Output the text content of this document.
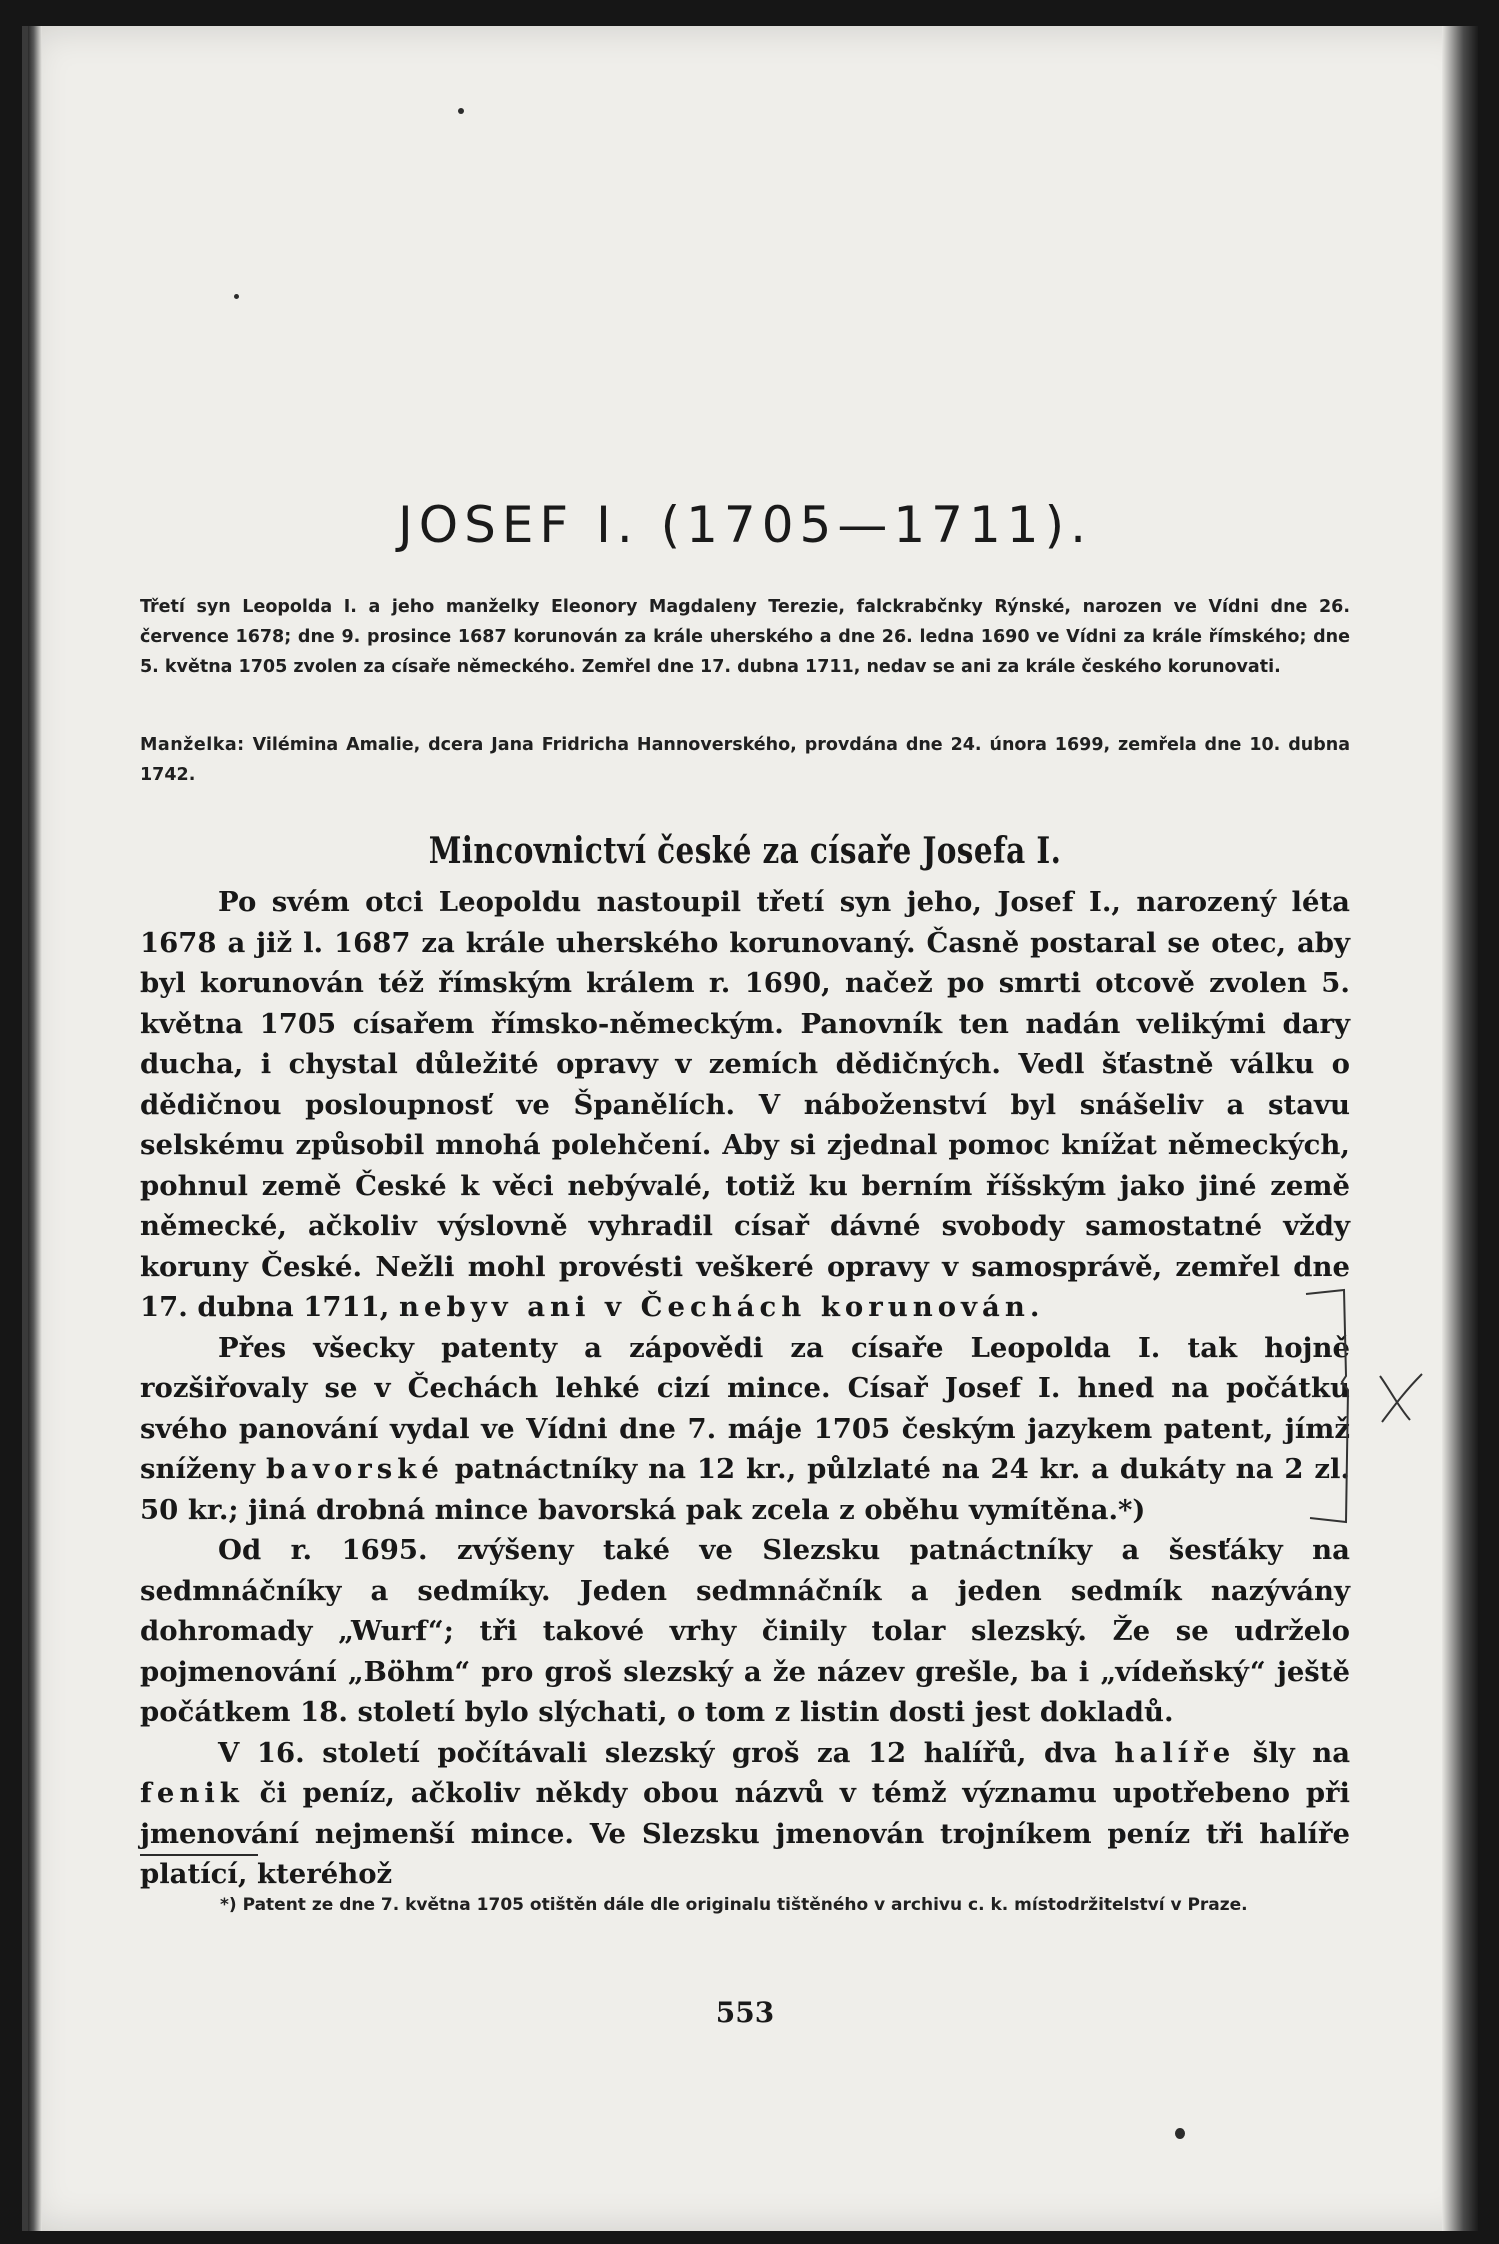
JOSEF I. (1705—1711).
Třetí syn Leopolda I. a jeho manželky Eleonory Magdaleny Terezie, falckrabčnky Rýnské, narozen ve Vídni dne 26. července 1678; dne 9. prosince 1687 korunován za krále uherského a dne 26. ledna 1690 ve Vídni za krále římského; dne 5. května 1705 zvolen za císaře německého. Zemřel dne 17. dubna 1711, nedav se ani za krále českého korunovati.
Manželka: Vilémina Amalie, dcera Jana Fridricha Hannoverského, provdána dne 24. února 1699, zemřela dne 10. dubna 1742.
Mincovnictví české za císaře Josefa I.

Po svém otci Leopoldu nastoupil třetí syn jeho, Josef I., narozený léta 1678 a již l. 1687 za krále uherského korunovaný. Časně postaral se otec, aby byl korunován též římským králem r. 1690, načež po smrti otcově zvolen 5. května 1705 císařem římsko-německým. Panovník ten nadán velikými dary ducha, i chystal důležité opravy v zemích dědičných. Vedl šťastně válku o dědičnou posloupnosť ve Španělích. V náboženství byl snášeliv a stavu selskému způsobil mnohá polehčení. Aby si zjednal pomoc knížat německých, pohnul země České k věci nebývalé, totiž ku berním říšským jako jiné země německé, ačkoliv výslovně vyhradil císař dávné svobody samostatné vždy koruny České. Nežli mohl provésti veškeré opravy v samosprávě, zemřel dne 17. dubna 1711, nebyv ani v Čechách korunován.

Přes všecky patenty a zápovědi za císaře Leopolda I. tak hojně rozšiřovaly se v Čechách lehké cizí mince. Císař Josef I. hned na počátku svého panování vydal ve Vídni dne 7. máje 1705 českým jazykem patent, jímž sníženy bavorské patnáctníky na 12 kr., půlzlaté na 24 kr. a dukáty na 2 zl. 50 kr.; jiná drobná mince bavorská pak zcela z oběhu vymítěna.*)

Od r. 1695. zvýšeny také ve Slezsku patnáctníky a šesťáky na sedmnáčníky a sedmíky. Jeden sedmnáčník a jeden sedmík nazývány dohromady „Wurf“; tři takové vrhy činily tolar slezský. Že se udrželo pojmenování „Böhm“ pro groš slezský a že název grešle, ba i „vídeňský“ ještě počátkem 18. století bylo slýchati, o tom z listin dosti jest dokladů.

V 16. století počítávali slezský groš za 12 halířů, dva halíře šly na fenik či peníz, ačkoliv někdy obou názvů v témž významu upotřebeno při jmenování nejmenší mince. Ve Slezsku jmenován trojníkem peníz tři halíře platící, kteréhož

*) Patent ze dne 7. května 1705 otištěn dále dle originalu tištěného v archivu c. k. místodržitelství v Praze.
553
